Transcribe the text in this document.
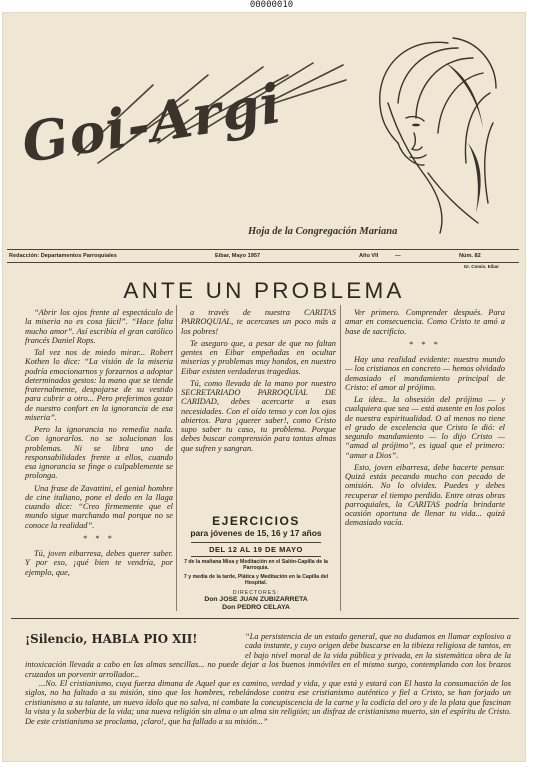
00000010
Goi-Argi
Hoja de la Congregación Mariana
Redacción: Departamentos Parroquiales	Eibar, Mayo 1957	Año VII	—	Núm. 82
Gr. Comin. Eibar
ANTE UN PROBLEMA

“Abrir los ojos frente al espectáculo de la miseria no es cosa fácil”. “Hace falta mucho amor”. Así escribía el gran católico francés Daniel Rops.

Tal vez nos de miedo mirar... Robert Kothen lo dice: “La visión de la miseria podría emocionarnos y forzarnos a adoptar determinados gestos: la mano que se tiende fraternalmente, despojarse de su vestido para cubrir a otro... Pero preferimos gozar de nuestro confort en la ignorancia de esa miseria”.

Pero la ignorancia no remedia nada. Con ignorarlos. no se solucionan los problemas. Ni se libra uno de responsabilidades frente a ellos, cuando esa ignorancia se finge o culpablemente se prolonga.

Una frase de Zavattini, el genial hombre de cine italiano, pone el dedo en la llaga cuando dice: “Creo firmemente que el mundo sigue marchando mal porque no se conoce la realidad”.

* * *

Tú, joven eibarresa, debes querer saber. Y por eso, ¡qué bien te vendría, por ejemplo, que,

a través de nuestra CARITAS PARROQUIAL, te acercases un poco más a los pobres!

Te aseguro que, a pesar de que no faltan gentes en Eibar empeñadas en ocultar miserias y problemas muy hondos, en nuestro Eibar existen verdaderas tragedias.

Tú, como llevada de la mano por nuestro SECRETARIADO PARROQUIAL DE CARIDAD, debes acercarte a esas necesidades. Con el oído tenso y con los ojos abiertos. Para ¡querer saber!, como Cristo supo saber tu caso, tu problema. Porque debes buscar comprensión para tantas almas que sufren y sangran.

Ver primero. Comprender después. Para amar en consecuencia. Como Cristo te amó a base de sacrificio.

* * *

Hay una realidad evidente: nuestro mundo — los cristianos en concreto — hemos olvidado demasiado el mandamiento principal de Cristo: el amor al prójimo.

La idea.. la obsesión del prójimo — y cualquiera que sea — está ausente en los polos de nuestra espiritualidad. O al menos no tiene el grado de excelencia que Cristo le dió: el segundo mandamiento — lo dijo Cristo — “amad al prójimo”, es igual que el primero: “amar a Dios”.

Esto, joven eibarresa, debe hacerte pensar. Quizá estás pecando mucho con pecado de omisión. No lo olvides. Puedes y debes recuperar el tiempo perdido. Entre otras obras parroquiales, la CARITAS podría brindarte ocasión oportuna de llenar tu vida... quizá demasiado vacía.

EJERCICIOS
para jóvenes de 15, 16 y 17 años
DEL 12 AL 19 DE MAYO
7 de la mañana Misa y Meditación en el Salón-Capilla de la Parroquia.
7 y media de la tarde, Plática y Meditación en la Capilla del Hospital.
DIRECTORES:
Don JOSE JUAN ZUBIZARRETA
Don PEDRO CELAYA
¡Silencio, HABLA PIO XII!	“La persistencia de un estado general, que no dudamos en llamar explosivo a cada instante, y cuyo origen debe buscarse en la tibieza religiosa de tantos, en el bajo nivel moral de la vida pública y privada, en la sistemática obra de la intoxicación llevada a cabo en las almas sencillas... no puede dejar a los buenos inmóviles en el mismo surgo, contemplando con los brazos cruzados un porvenir arrollador...

...No. El cristianismo, cuya fuerza dimana de Aquel que es camino, verdad y vida, y que está y estará con El hasta la consumación de los siglos, no ha faltado a su misión, sino que los hombres, rebelándose contra ese cristianismo auténtico y fiel a Cristo, se han forjado un cristianismo a su talante, un nuevo ídolo que no salva, ni combate la concupiscencia de la carne y la codicia del oro y de la plata que fascinan la vista y la soberbia de la vida; una nueva religión sin alma o un alma sin religión; un disfraz de cristianismo muerto, sin el espíritu de Cristo. De este cristianismo se proclama, ¡claro!, que ha fallado a su misión...”
